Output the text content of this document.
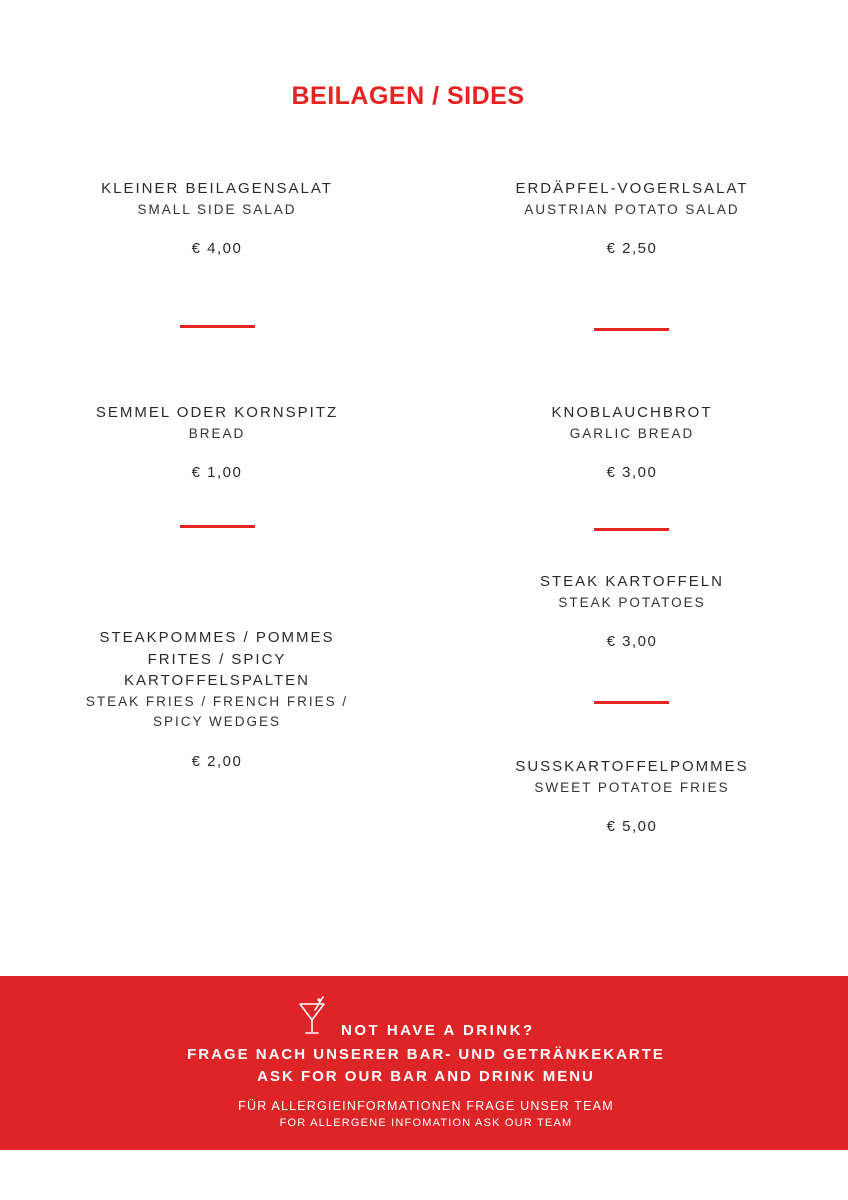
BEILAGEN / SIDES
KLEINER BEILAGENSALAT
SMALL SIDE SALAD
€ 4,00
SEMMEL ODER KORNSPITZ
BREAD
€ 1,00
STEAKPOMMES / POMMES FRITES / SPICY KARTOFFELSPALTEN
STEAK FRIES / FRENCH FRIES / SPICY WEDGES
€ 2,00
ERDÄPFEL-VOGERLSALAT
AUSTRIAN POTATO SALAD
€ 2,50
KNOBLAUCHBROT
GARLIC BREAD
€ 3,00
STEAK KARTOFFELN
STEAK POTATOES
€ 3,00
SUSSKARTOFFELPOMMES
SWEET POTATOE FRIES
€ 5,00
NOT HAVE A DRINK?
FRAGE NACH UNSERER BAR- UND GETRÄNKEKARTE
ASK FOR OUR BAR AND DRINK MENU
FÜR ALLERGIEINFORMATIONEN FRAGE UNSER TEAM
FOR ALLERGENE INFOMATION ASK OUR TEAM
